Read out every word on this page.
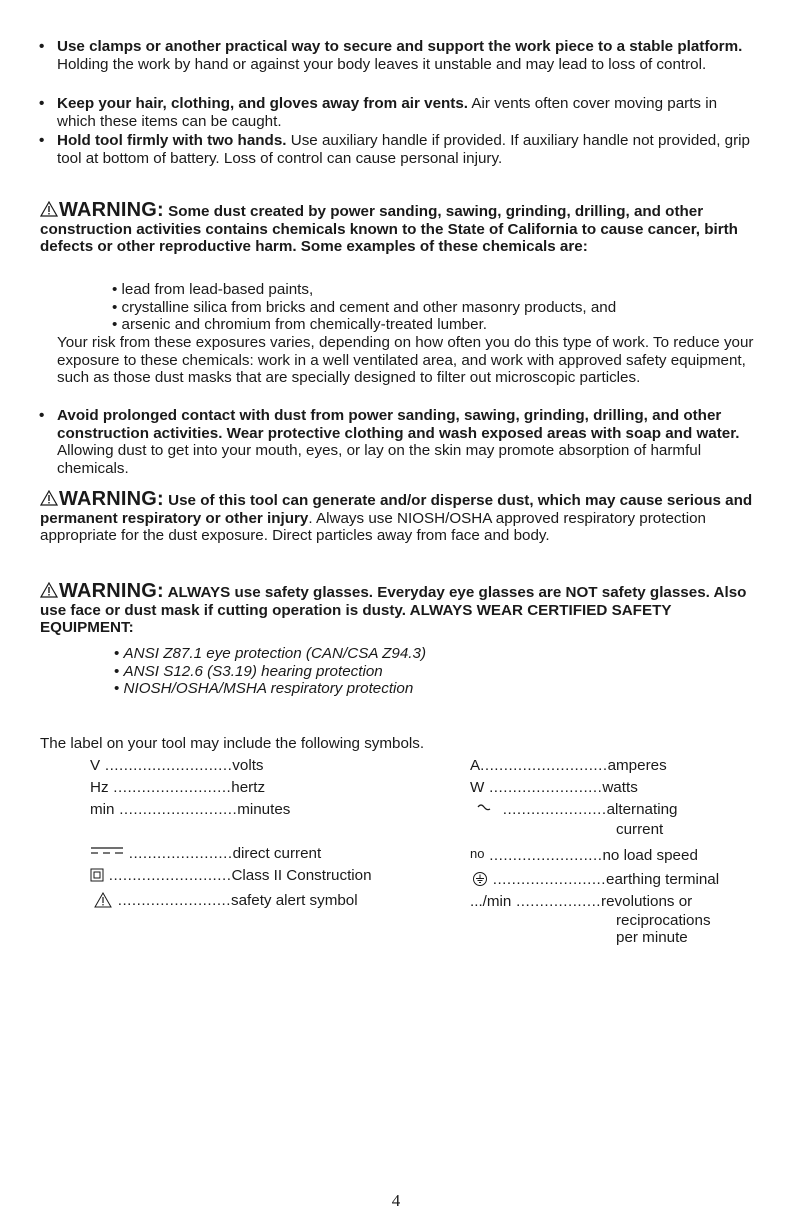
• Use clamps or another practical way to secure and support the work piece to a stable platform. Holding the work by hand or against your body leaves it unstable and may lead to loss of control.
• Keep your hair, clothing, and gloves away from air vents. Air vents often cover moving parts in which these items can be caught.
• Hold tool firmly with two hands. Use auxiliary handle if provided. If auxiliary handle not provided, grip tool at bottom of battery. Loss of control can cause personal injury.
WARNING: Some dust created by power sanding, sawing, grinding, drilling, and other construction activities contains chemicals known to the State of California to cause cancer, birth defects or other reproductive harm. Some examples of these chemicals are:
• lead from lead-based paints,
• crystalline silica from bricks and cement and other masonry products, and
• arsenic and chromium from chemically-treated lumber.
Your risk from these exposures varies, depending on how often you do this type of work. To reduce your exposure to these chemicals: work in a well ventilated area, and work with approved safety equipment, such as those dust masks that are specially designed to filter out microscopic particles.
• Avoid prolonged contact with dust from power sanding, sawing, grinding, drilling, and other construction activities. Wear protective clothing and wash exposed areas with soap and water. Allowing dust to get into your mouth, eyes, or lay on the skin may promote absorption of harmful chemicals.
WARNING: Use of this tool can generate and/or disperse dust, which may cause serious and permanent respiratory or other injury. Always use NIOSH/OSHA approved respiratory protection appropriate for the dust exposure. Direct particles away from face and body.
WARNING: ALWAYS use safety glasses. Everyday eye glasses are NOT safety glasses. Also use face or dust mask if cutting operation is dusty. ALWAYS WEAR CERTIFIED SAFETY EQUIPMENT:
• ANSI Z87.1 eye protection (CAN/CSA Z94.3)
• ANSI S12.6 (S3.19) hearing protection
• NIOSH/OSHA/MSHA respiratory protection
The label on your tool may include the following symbols.
V ...........................volts
Hz .........................hertz
min .........................minutes
......................direct current
..........................Class II Construction
........................safety alert symbol
A...........................amperes
W ........................watts
......................alternating
current
no ........................no load speed
........................earthing terminal
.../min ..................revolutions or
reciprocations
per minute
4
